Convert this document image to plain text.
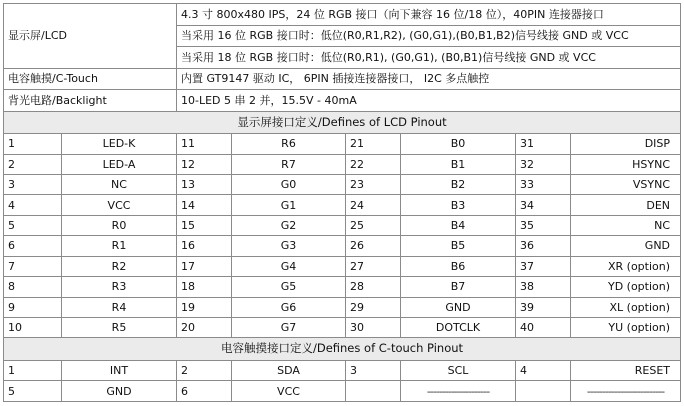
显示屏/LCD		4.3 寸 800x480 IPS，24 位 RGB 接口（向下兼容 16 位/18 位），40PIN 连接器接口					
		当采用 16 位 RGB 接口时：低位(R0,R1,R2), (G0,G1),(B0,B1,B2)信号线接 GND 或 VCC					
		当采用 18 位 RGB 接口时：低位(R0,R1), (G0,G1), (B0,B1)信号线接 GND 或 VCC					
电容触摸/C-Touch		内置 GT9147 驱动 IC， 6PIN 插接连接器接口， I2C 多点触控					
背光电路/Backlight		10-LED 5 串 2 并，15.5V - 40mA					
显示屏接口定义/Defines of LCD Pinout							
1	LED-K	11	R6	21	B0	31	DISP
2	LED-A	12	R7	22	B1	32	HSYNC
3	NC	13	G0	23	B2	33	VSYNC
4	VCC	14	G1	24	B3	34	DEN
5	R0	15	G2	25	B4	35	NC
6	R1	16	G3	26	B5	36	GND
7	R2	17	G4	27	B6	37	XR (option)
8	R3	18	G5	28	B7	38	YD (option)
9	R4	19	G6	29	GND	39	XL (option)
10	R5	20	G7	30	DOTCLK	40	YU (option)
电容触摸接口定义/Defines of C-touch Pinout							
1	INT	2	SDA	3	SCL	4	RESET
5	GND	6	VCC		---------------------		--------------------------
